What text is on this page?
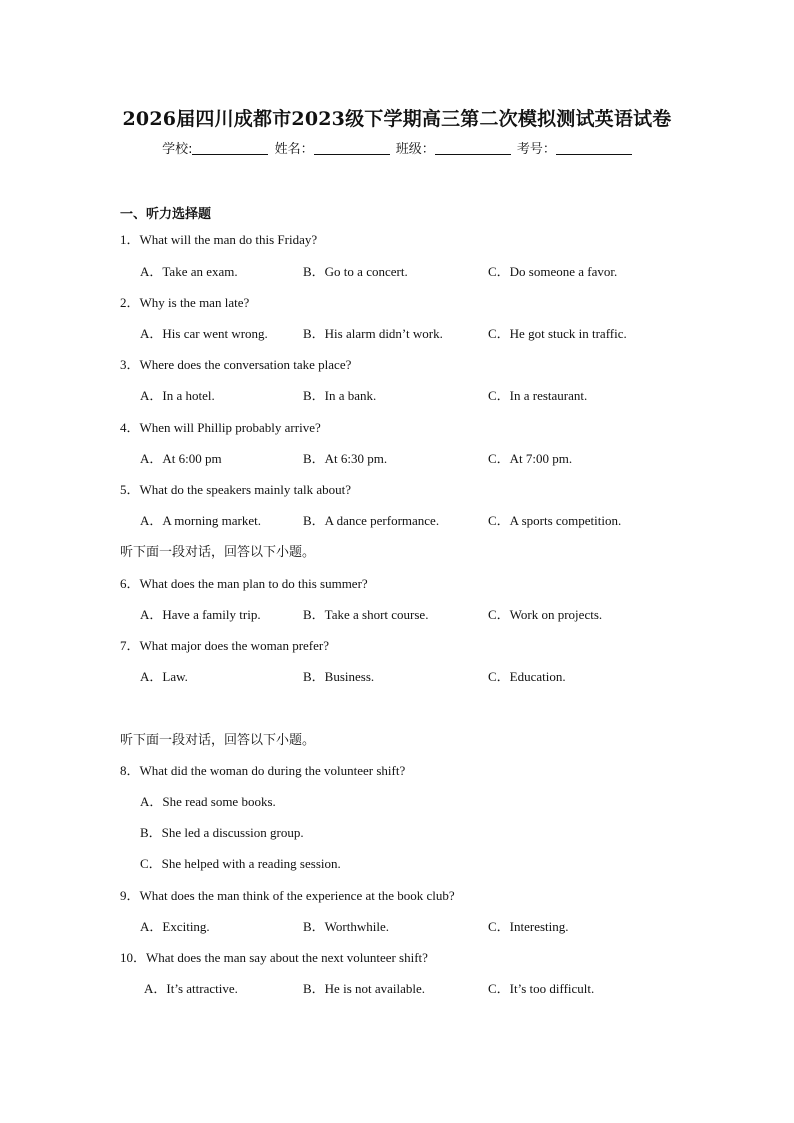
2026届四川成都市2023级下学期高三第二次模拟测试英语试卷
学校:	姓名：	班级：	考号：
一、听力选择题
1．What will the man do this Friday?
A．Take an exam.	B．Go to a concert.	C．Do someone a favor.
2．Why is the man late?
A．His car went wrong.	B．His alarm didn’t work.	C．He got stuck in traffic.
3．Where does the conversation take place?
A．In a hotel.	B．In a bank.	C．In a restaurant.
4．When will Phillip probably arrive?
A．At 6:00 pm	B．At 6:30 pm.	C．At 7:00 pm.
5．What do the speakers mainly talk about?
A．A morning market.	B．A dance performance.	C．A sports competition.
听下面一段对话，回答以下小题。
6．What does the man plan to do this summer?
A．Have a family trip.	B．Take a short course.	C．Work on projects.
7．What major does the woman prefer?
A．Law.	B．Business.	C．Education.
听下面一段对话，回答以下小题。
8．What did the woman do during the volunteer shift?
A．She read some books.
B．She led a discussion group.
C．She helped with a reading session.
9．What does the man think of the experience at the book club?
A．Exciting.	B．Worthwhile.	C．Interesting.
10．What does the man say about the next volunteer shift?
A．It’s attractive.	B．He is not available.	C．It’s too difficult.
